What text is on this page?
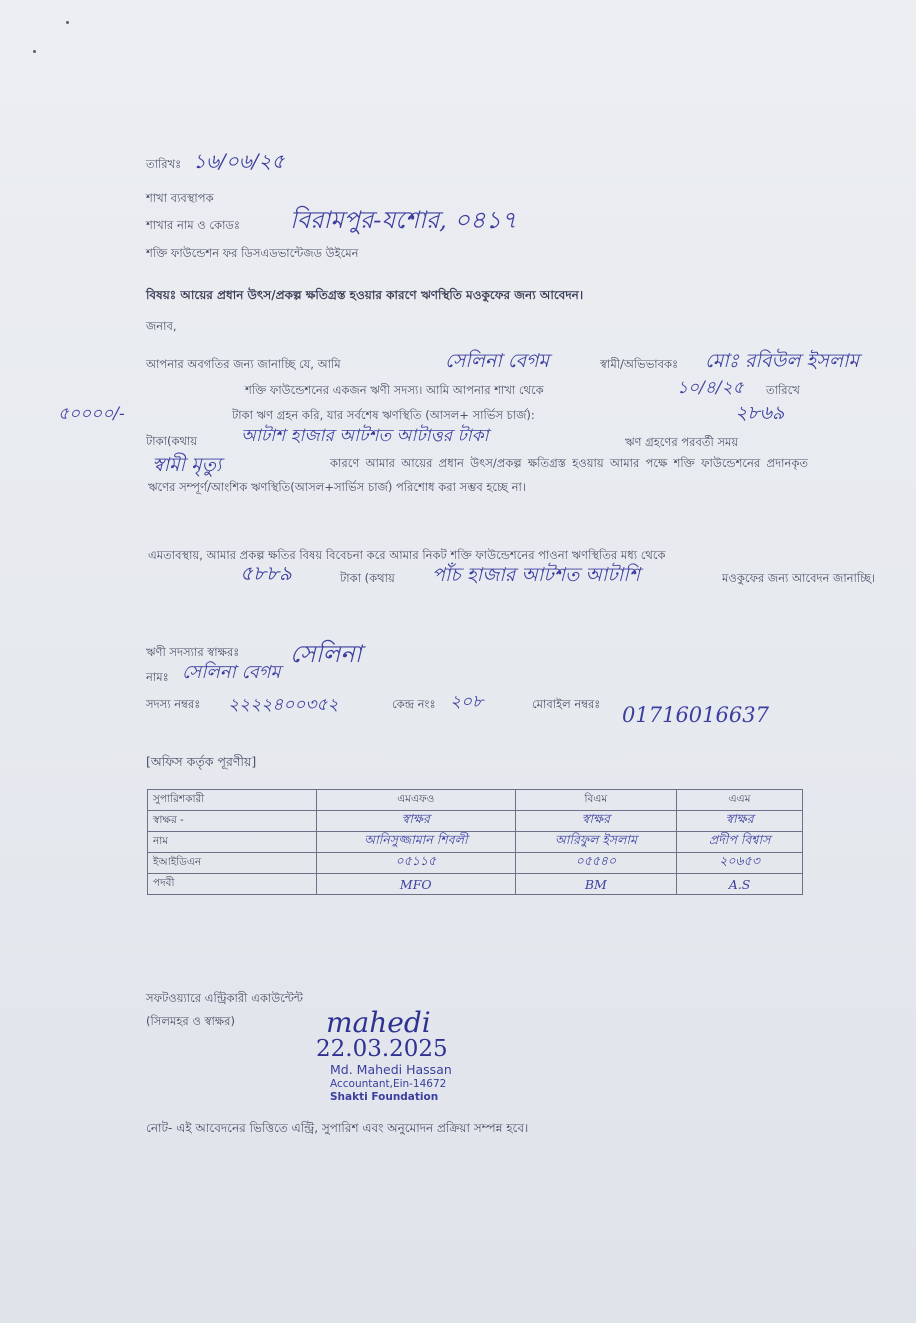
তারিখঃ ১৬/০৬/২৫
শাখা ব্যবস্থাপক
শাখার নাম ও কোডঃ বিরামপুর-যশোর, ০৪১৭
শক্তি ফাউন্ডেশন ফর ডিসএডভান্টেজড উইমেন
বিষয়ঃ আয়ের প্রধান উৎস/প্রকল্প ক্ষতিগ্রস্ত হওয়ার কারণে ঋণস্থিতি মওকুফের জন্য আবেদন।
জনাব,
আপনার অবগতির জন্য জানাচ্ছি যে, আমি	সেলিনা বেগম	স্বামী/অভিভাবকঃ মোঃ রবিউল ইসলাম
শক্তি ফাউন্ডেশনের একজন ঋণী সদস্য। আমি আপনার শাখা থেকে	১০/৪/২৫ তারিখে
৫০০০০/-	টাকা ঋণ গ্রহন করি, যার সর্বশেষ ঋণস্থিতি (আসল+ সার্ভিস চার্জ):	২৮৬৯
টাকা(কথায়	আটাশ হাজার আটশত আটাত্তর টাকা	ঋণ গ্রহণের পরবর্তী সময়
স্বামী মৃত্যু	কারণে আমার আয়ের প্রধান উৎস/প্রকল্প ক্ষতিগ্রস্ত হওয়ায় আমার পক্ষে শক্তি ফাউন্ডেশনের প্রদানকৃত ঋণের সম্পূর্ণ/আংশিক ঋণস্থিতি(আসল+সার্ভিস চার্জ) পরিশোধ করা সম্ভব হচ্ছে না।
এমতাবস্থায়, আমার প্রকল্প ক্ষতির বিষয় বিবেচনা করে আমার নিকট শক্তি ফাউন্ডেশনের পাওনা ঋণস্থিতির মধ্য থেকে
৫৮৮৯	টাকা (কথায় পাঁচ হাজার আটশত আটাশি	মওকুফের জন্য আবেদন জানাচ্ছি।
ঋণী সদস্যার স্বাক্ষরঃ সেলিনা
নামঃ সেলিনা বেগম
সদস্য নম্বরঃ ২২২২৪০০৩৫২	কেন্দ্র নংঃ ২০৮	মোবাইল নম্বরঃ 01716016637
[অফিস কর্তৃক পূরণীয়]
সুপারিশকারী	এমএফও	বিএম	এএম
স্বাক্ষর -	স্বাক্ষর	স্বাক্ষর	স্বাক্ষর
নাম	আনিসুজ্জামান শিবলী	আরিফুল ইসলাম	প্রদীপ বিশ্বাস
ইআইডিএন	০৫১১৫	০৫৫৪০	২০৬৫৩
পদবী	MFO	BM	A.S
সফটওয়্যারে এন্ট্রিকারী একাউন্টেন্ট
(সিলমহর ও স্বাক্ষর)	mahedi
22.03.2025
Md. Mahedi Hassan
Accountant,Ein-14672
Shakti Foundation
নোট- এই আবেদনের ভিত্তিতে এন্ট্রি, সুপারিশ এবং অনুমোদন প্রক্রিয়া সম্পন্ন হবে।
